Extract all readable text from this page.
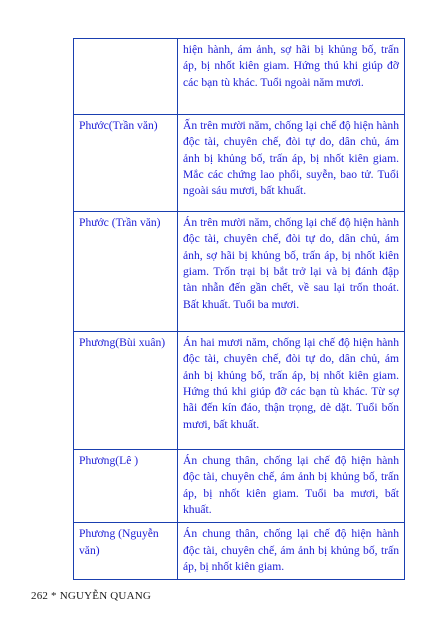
	hiện hành, ám ảnh, sợ hãi bị khủng bố, trấn áp, bị nhốt kiên giam. Hứng thú khi giúp đỡ các bạn tù khác. Tuổi ngoài năm mươi.
Phước(Trần văn)	Ấn trên mười năm, chống lại chế độ hiện hành độc tài, chuyên chế, đòi tự do, dân chủ, ám ảnh bị khủng bố, trấn áp, bị nhốt kiên giam. Mắc các chứng lao phổi, suyễn, bao tử. Tuổi ngoài sáu mươi, bất khuất.
Phước (Trần văn)	Án trên mười năm, chống lại chế độ hiện hành độc tài, chuyên chế, đòi tự do, dân chủ, ám ảnh, sợ hãi bị khủng bố, trấn áp, bị nhốt kiên giam. Trốn trại bị bắt trở lại và bị đánh đập tàn nhẫn đến gần chết, về sau lại trốn thoát. Bất khuất. Tuổi ba mươi.
Phương(Bùi xuân)	Án hai mươi năm, chống lại chế độ hiện hành độc tài, chuyên chế, đòi tự do, dân chủ, ám ảnh bị khủng bố, trấn áp, bị nhốt kiên giam. Hứng thú khi giúp đỡ các bạn tù khác. Từ sợ hãi đến kín đáo, thận trọng, dè dặt. Tuổi bốn mươi, bất khuất.
Phương(Lê )	Án chung thân, chống lại chế độ hiện hành độc tài, chuyên chế, ám ảnh bị khủng bố, trấn áp, bị nhốt kiên giam. Tuổi ba mươi, bất khuất.
Phương (Nguyễn văn)	Án chung thân, chống lại chế độ hiện hành độc tài, chuyên chế, ám ảnh bị khủng bố, trấn áp, bị nhốt kiên giam.
262 * NGUYỄN QUANG
